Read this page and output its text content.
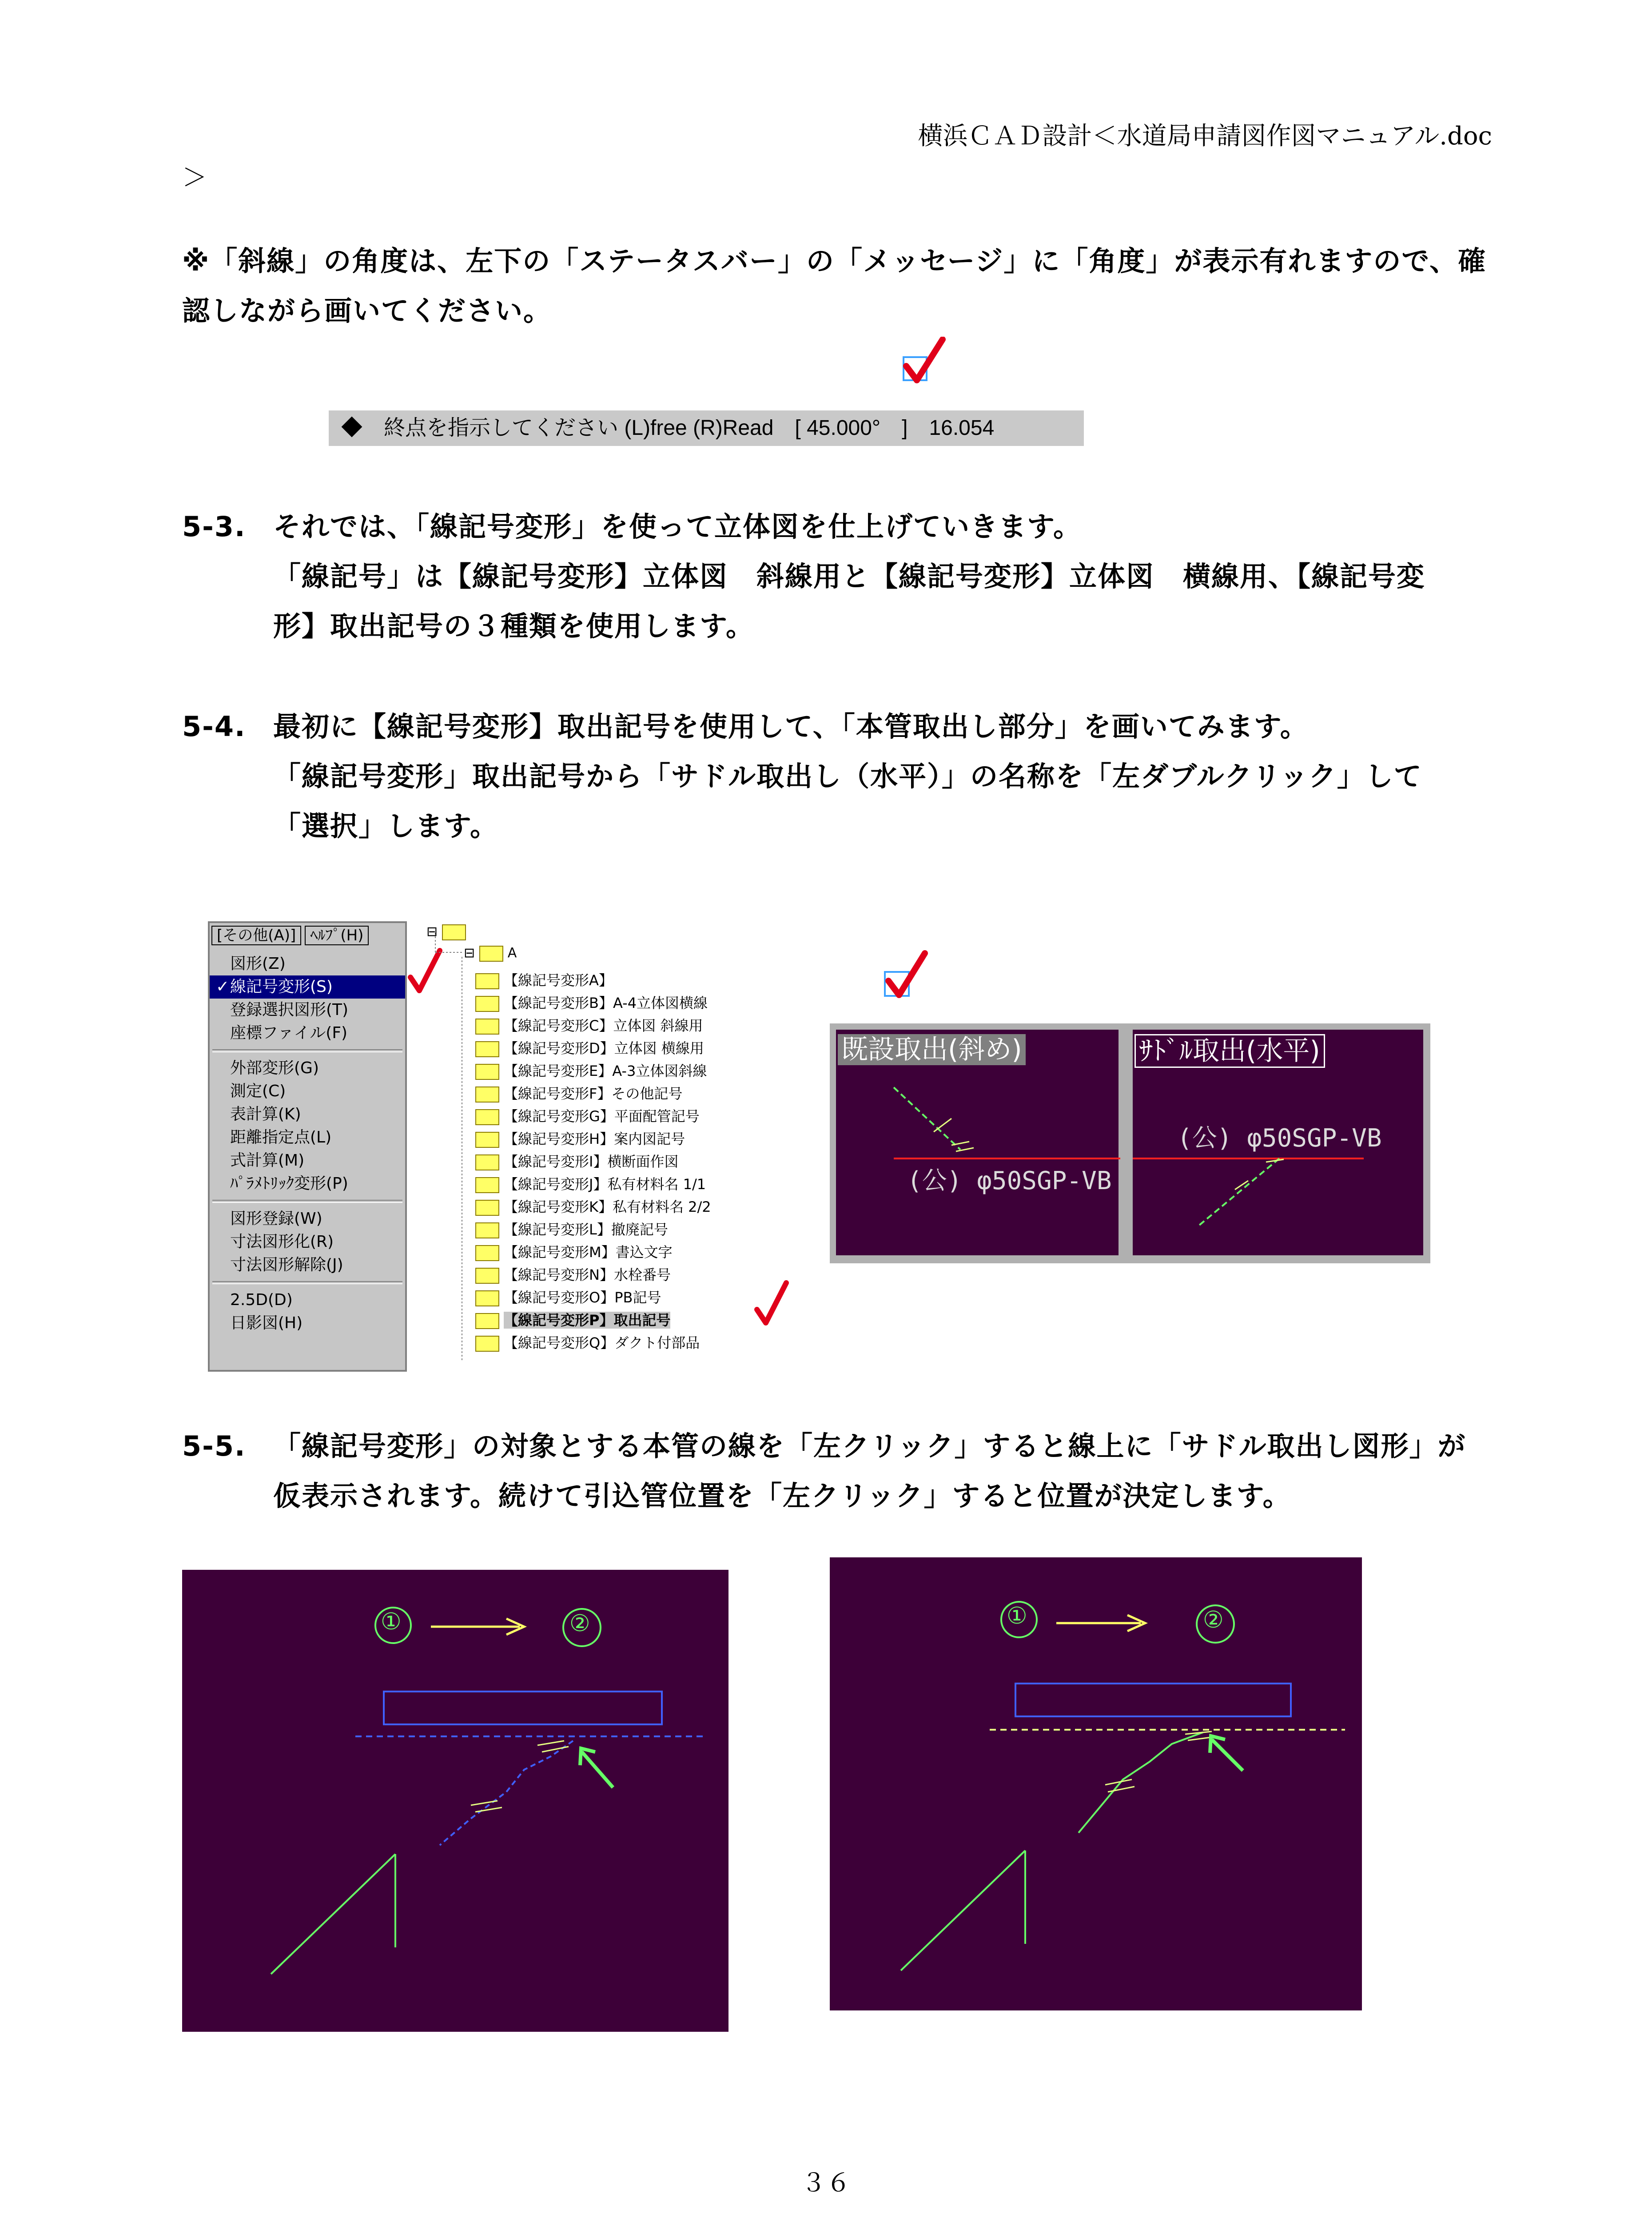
横浜ＣＡＤ設計＜水道局申請図作図マニュアル.doc
＞
※「斜線」の角度は、左下の「ステータスバー」の「メッセージ」に「角度」が表示有れますので、確
認しながら画いてください。
◆　終点を指示してください (L)free (R)Read　[ 45.000°　]　16.054
5-3. それでは、「線記号変形」を使って立体図を仕上げていきます。
「線記号」は【線記号変形】立体図　斜線用と【線記号変形】立体図　横線用、【線記号変
形】取出記号の３種類を使用します。
5-4. 最初に【線記号変形】取出記号を使用して、「本管取出し部分」を画いてみます。
「線記号変形」取出記号から「サドル取出し（水平）」の名称を「左ダブルクリック」して
「選択」します。
[その他(A)] ﾍﾙﾌﾟ(H)
図形(Z)
✓ 線記号変形(S)
登録選択図形(T)
座標ファイル(F)
外部変形(G)
測定(C)
表計算(K)
距離指定点(L)
式計算(M)
ﾊﾟﾗﾒﾄﾘｯｸ変形(P)
図形登録(W)
寸法図形化(R)
寸法図形解除(J)
2.5D(D)
日影図(H)
⊟
⊟ A
【線記号変形A】
【線記号変形B】A-4立体図横線
【線記号変形C】立体図 斜線用
【線記号変形D】立体図 横線用
【線記号変形E】A-3立体図斜線
【線記号変形F】その他記号
【線記号変形G】平面配管記号
【線記号変形H】案内図記号
【線記号変形I】横断面作図
【線記号変形J】私有材料名 1/1
【線記号変形K】私有材料名 2/2
【線記号変形L】撤廃記号
【線記号変形M】書込文字
【線記号変形N】水栓番号
【線記号変形O】PB記号
【線記号変形P】取出記号
【線記号変形Q】ダクト付部品
既設取出(斜め)
(公) φ50SGP-VB
ｻﾄﾞﾙ取出(水平)
(公) φ50SGP-VB
5-5. 「線記号変形」の対象とする本管の線を「左クリック」すると線上に「サドル取出し図形」が
仮表示されます。続けて引込管位置を「左クリック」すると位置が決定します。
①	②	①	②
３６
